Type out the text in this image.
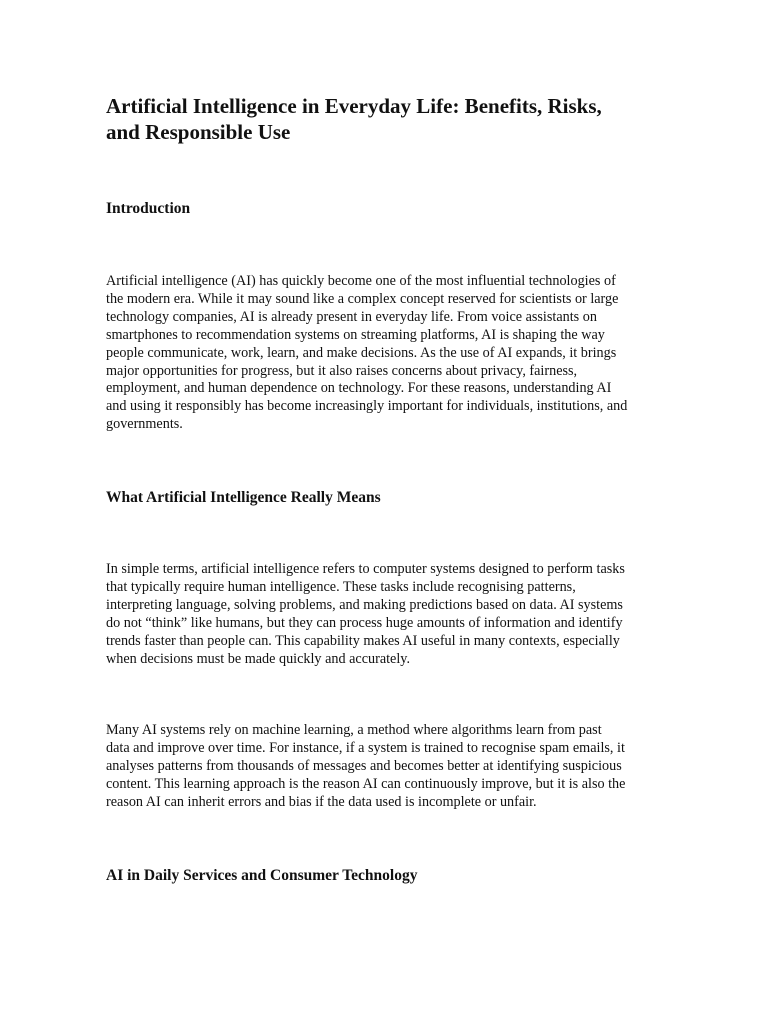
Artificial Intelligence in Everyday Life: Benefits, Risks,
and Responsible Use
Introduction

Artificial intelligence (AI) has quickly become one of the most influential technologies of
the modern era. While it may sound like a complex concept reserved for scientists or large
technology companies, AI is already present in everyday life. From voice assistants on
smartphones to recommendation systems on streaming platforms, AI is shaping the way
people communicate, work, learn, and make decisions. As the use of AI expands, it brings
major opportunities for progress, but it also raises concerns about privacy, fairness,
employment, and human dependence on technology. For these reasons, understanding AI
and using it responsibly has become increasingly important for individuals, institutions, and
governments.

What Artificial Intelligence Really Means

In simple terms, artificial intelligence refers to computer systems designed to perform tasks
that typically require human intelligence. These tasks include recognising patterns,
interpreting language, solving problems, and making predictions based on data. AI systems
do not “think” like humans, but they can process huge amounts of information and identify
trends faster than people can. This capability makes AI useful in many contexts, especially
when decisions must be made quickly and accurately.

Many AI systems rely on machine learning, a method where algorithms learn from past
data and improve over time. For instance, if a system is trained to recognise spam emails, it
analyses patterns from thousands of messages and becomes better at identifying suspicious
content. This learning approach is the reason AI can continuously improve, but it is also the
reason AI can inherit errors and bias if the data used is incomplete or unfair.

AI in Daily Services and Consumer Technology
